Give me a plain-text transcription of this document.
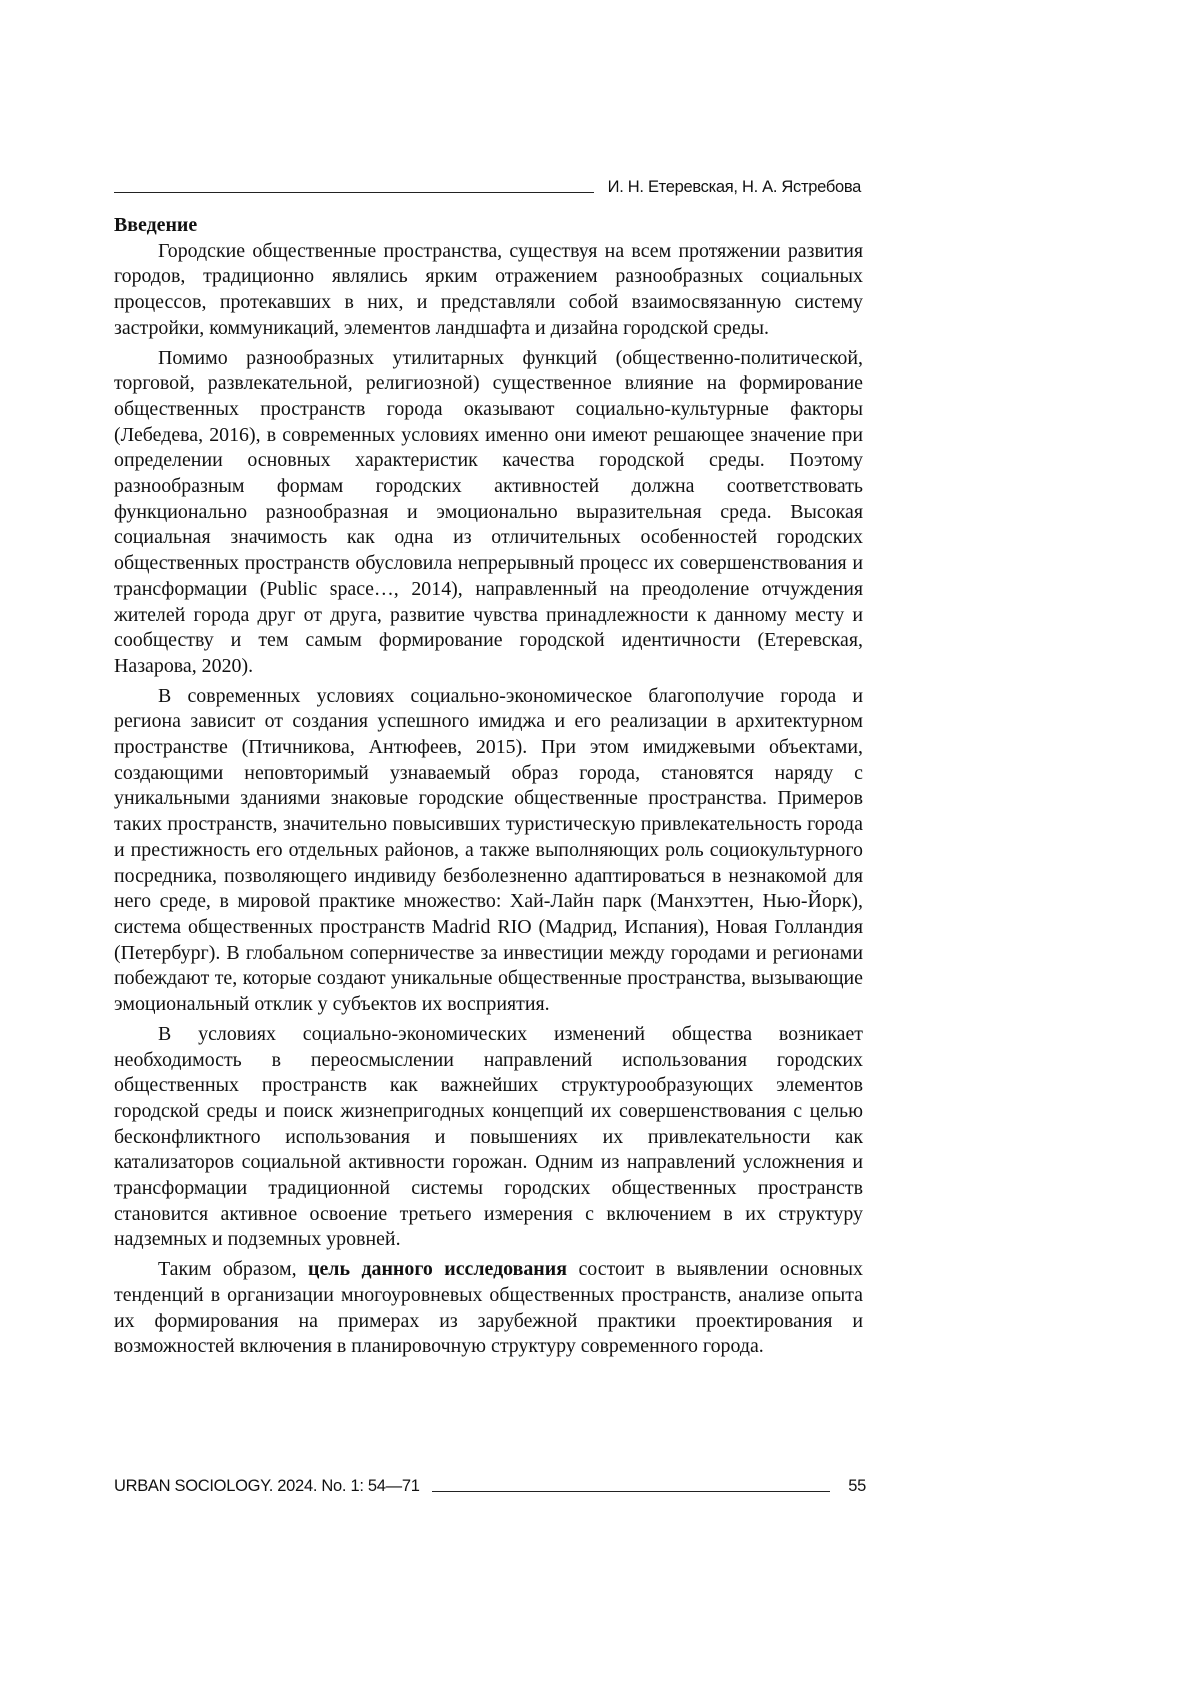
И. Н. Етеревская, Н. А. Ястребова

Введение

Городские общественные пространства, существуя на всем протяжении развития городов, традиционно являлись ярким отражением разнообразных социальных процессов, протекавших в них, и представляли собой взаимосвязанную систему застройки, коммуникаций, элементов ландшафта и дизайна городской среды.

Помимо разнообразных утилитарных функций (общественно-политической, торговой, развлекательной, религиозной) существенное влияние на формирование общественных пространств города оказывают социально-культурные факторы (Лебедева, 2016), в современных условиях именно они имеют решающее значение при определении основных характеристик качества городской среды. Поэтому разнообразным формам городских активностей должна соответствовать функционально разнообразная и эмоционально выразительная среда. Высокая социальная значимость как одна из отличительных особенностей городских общественных пространств обусловила непрерывный процесс их совершенствования и трансформации (Public space…, 2014), направленный на преодоление отчуждения жителей города друг от друга, развитие чувства принадлежности к данному месту и сообществу и тем самым формирование городской идентичности (Етеревская, Назарова, 2020).

В современных условиях социально-экономическое благополучие города и региона зависит от создания успешного имиджа и его реализации в архитектурном пространстве (Птичникова, Антюфеев, 2015). При этом имиджевыми объектами, создающими неповторимый узнаваемый образ города, становятся наряду с уникальными зданиями знаковые городские общественные пространства. Примеров таких пространств, значительно повысивших туристическую привлекательность города и престижность его отдельных районов, а также выполняющих роль социокультурного посредника, позволяющего индивиду безболезненно адаптироваться в незнакомой для него среде, в мировой практике множество: Хай-Лайн парк (Манхэттен, Нью-Йорк), система общественных пространств Madrid RIO (Мадрид, Испания), Новая Голландия (Петербург). В глобальном соперничестве за инвестиции между городами и регионами побеждают те, которые создают уникальные общественные пространства, вызывающие эмоциональный отклик у субъектов их восприятия.

В условиях социально-экономических изменений общества возникает необходимость в переосмыслении направлений использования городских общественных пространств как важнейших структурообразующих элементов городской среды и поиск жизнепригодных концепций их совершенствования с целью бесконфликтного использования и повышениях их привлекательности как катализаторов социальной активности горожан. Одним из направлений усложнения и трансформации традиционной системы городских общественных пространств становится активное освоение третьего измерения с включением в их структуру надземных и подземных уровней.

Таким образом, цель данного исследования состоит в выявлении основных тенденций в организации многоуровневых общественных пространств, анализе опыта их формирования на примерах из зарубежной практики проектирования и возможностей включения в планировочную структуру современного города.

URBAN SOCIOLOGY. 2024. No. 1: 54—71	55
